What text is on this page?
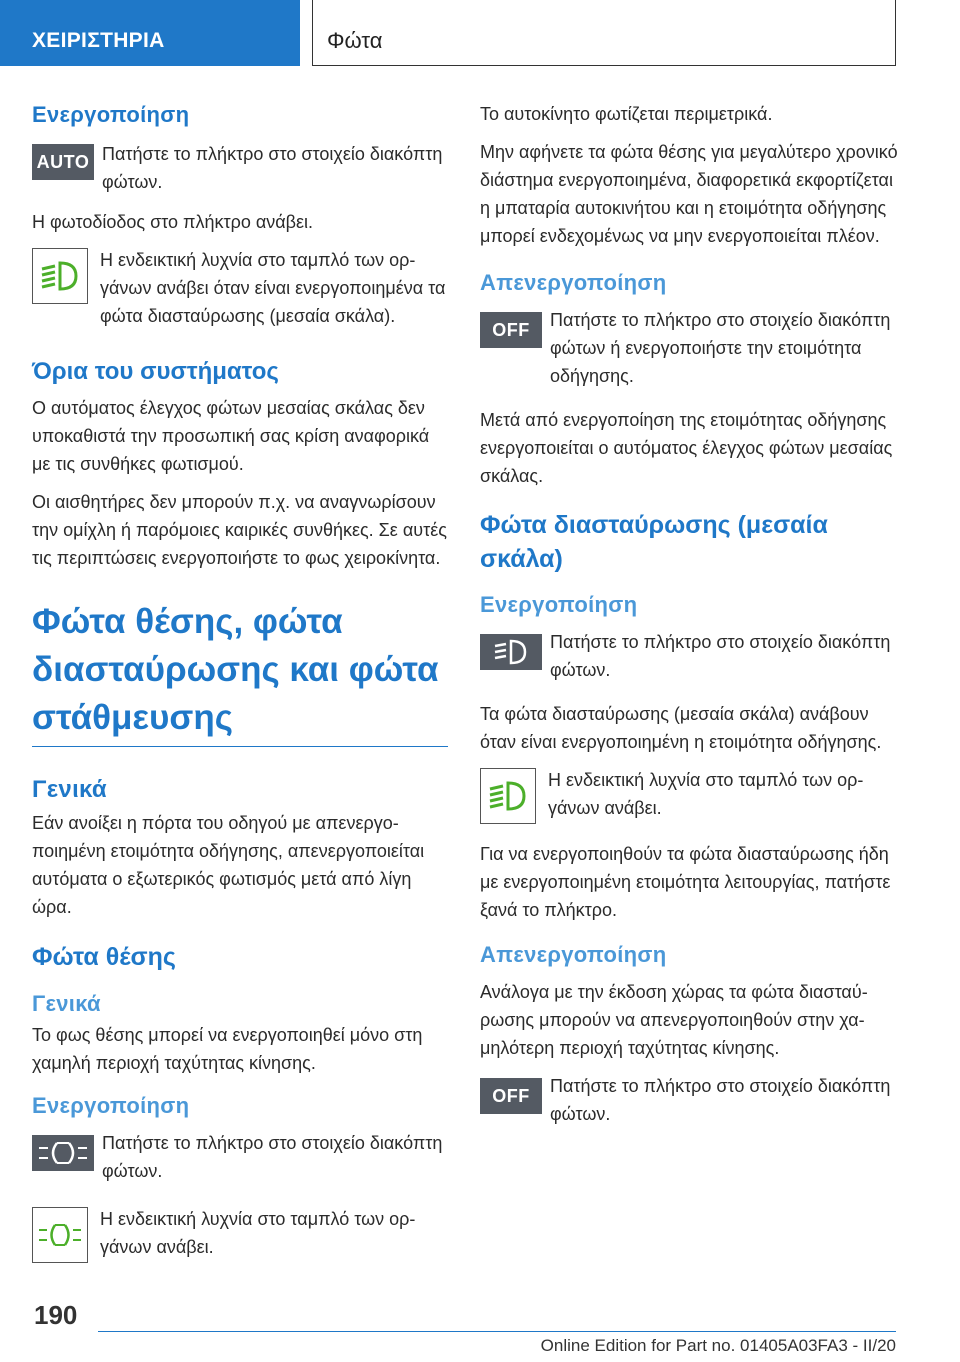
ΧΕΙΡΙΣΤΗΡΙΑ	Φώτα
Ενεργοποίηση
AUTO Πατήστε το πλήκτρο στο στοιχείο διακόπτη φώτων.

Η φωτοδίοδος στο πλήκτρο ανάβει.

Η ενδεικτική λυχνία στο ταμπλό των οργάνων ανάβει όταν είναι ενεργοποιημένα τα φώτα διασταύρωσης (μεσαία σκάλα).

Όρια του συστήματος

Ο αυτόματος έλεγχος φώτων μεσαίας σκάλας δεν υποκαθιστά την προσωπική σας κρίση αναφορικά με τις συνθήκες φωτισμού.

Οι αισθητήρες δεν μπορούν π.χ. να αναγνωρίσουν την ομίχλη ή παρόμοιες καιρικές συνθήκες. Σε αυτές τις περιπτώσεις ενεργοποιήστε το φως χειροκίνητα.

Φώτα θέσης, φώτα διασταύρωσης και φώτα στάθμευσης
Γενικά

Εάν ανοίξει η πόρτα του οδηγού με απενεργοποιημένη ετοιμότητα οδήγησης, απενεργοποιείται αυτόματα ο εξωτερικός φωτισμός μετά από λίγη ώρα.

Φώτα θέσης
Γενικά

Το φως θέσης μπορεί να ενεργοποιηθεί μόνο στη χαμηλή περιοχή ταχύτητας κίνησης.

Ενεργοποίηση

Πατήστε το πλήκτρο στο στοιχείο διακόπτη φώτων.

Η ενδεικτική λυχνία στο ταμπλό των οργάνων ανάβει.

Το αυτοκίνητο φωτίζεται περιμετρικά.

Μην αφήνετε τα φώτα θέσης για μεγαλύτερο χρονικό διάστημα ενεργοποιημένα, διαφορετικά εκφορτίζεται η μπαταρία αυτοκινήτου και η ετοιμότητα οδήγησης μπορεί ενδεχομένως να μην ενεργοποιείται πλέον.

Απενεργοποίηση
OFF	Πατήστε το πλήκτρο στο στοιχείο διακόπτη φώτων ή ενεργοποιήστε την ετοιμότητα οδήγησης.

Μετά από ενεργοποίηση της ετοιμότητας οδήγησης ενεργοποιείται ο αυτόματος έλεγχος φώτων μεσαίας σκάλας.

Φώτα διασταύρωσης (μεσαία σκάλα)
Ενεργοποίηση

Πατήστε το πλήκτρο στο στοιχείο διακόπτη φώτων.

Τα φώτα διασταύρωσης (μεσαία σκάλα) ανάβουν όταν είναι ενεργοποιημένη η ετοιμότητα οδήγησης.

Η ενδεικτική λυχνία στο ταμπλό των οργάνων ανάβει.

Για να ενεργοποιηθούν τα φώτα διασταύρωσης ήδη με ενεργοποιημένη ετοιμότητα λειτουργίας, πατήστε ξανά το πλήκτρο.

Απενεργοποίηση

Ανάλογα με την έκδοση χώρας τα φώτα διασταύρωσης μπορούν να απενεργοποιηθούν στην χαμηλότερη περιοχή ταχύτητας κίνησης.

OFF	Πατήστε το πλήκτρο στο στοιχείο διακόπτη φώτων.

190
Online Edition for Part no. 01405A03FA3 - II/20
